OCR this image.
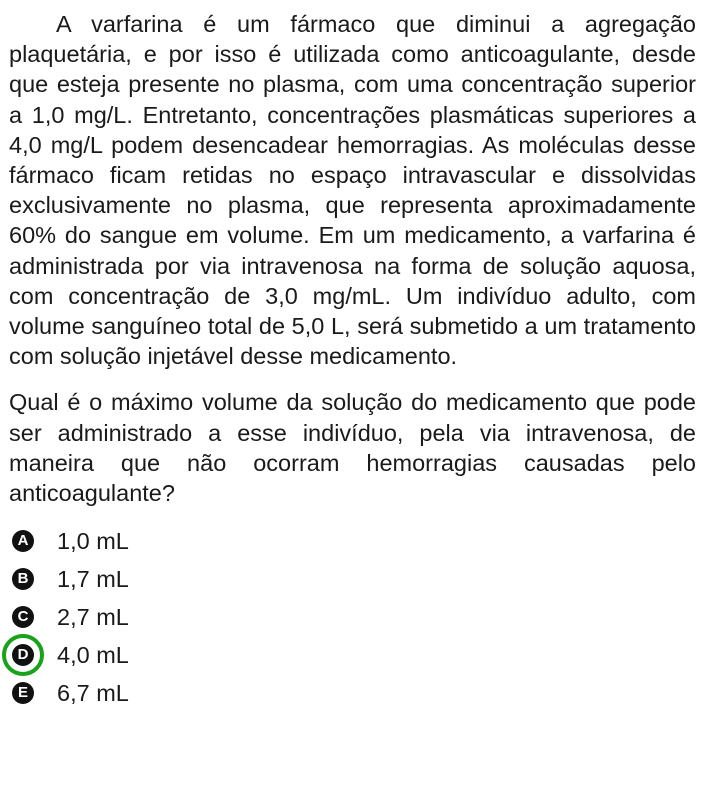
A varfarina é um fármaco que diminui a agregação plaquetária, e por isso é utilizada como anticoagulante, desde que esteja presente no plasma, com uma concentração superior a 1,0 mg/L. Entretanto, concentrações plasmáticas superiores a 4,0 mg/L podem desencadear hemorragias. As moléculas desse fármaco ficam retidas no espaço intravascular e dissolvidas exclusivamente no plasma, que representa aproximadamente 60% do sangue em volume. Em um medicamento, a varfarina é administrada por via intravenosa na forma de solução aquosa, com concentração de 3,0 mg/mL. Um indivíduo adulto, com volume sanguíneo total de 5,0 L, será submetido a um tratamento com solução injetável desse medicamento.

Qual é o máximo volume da solução do medicamento que pode ser administrado a esse indivíduo, pela via intravenosa, de maneira que não ocorram hemorragias causadas pelo anticoagulante?

A 1,0 mL
B 1,7 mL
C 2,7 mL
D 4,0 mL
E 6,7 mL
